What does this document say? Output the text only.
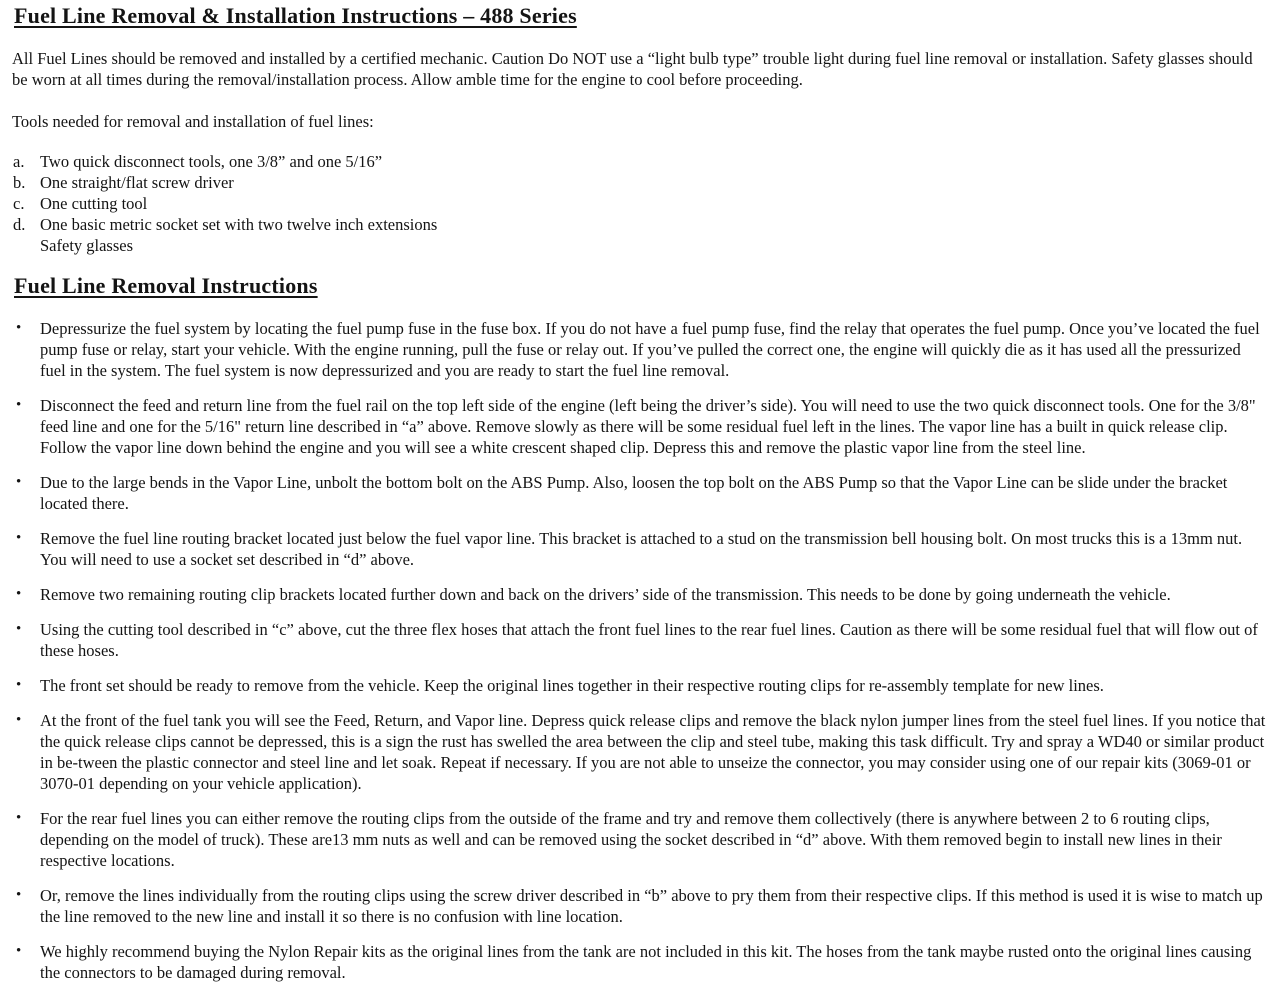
Fuel Line Removal & Installation Instructions – 488 Series

All Fuel Lines should be removed and installed by a certified mechanic. Caution Do NOT use a “light bulb type” trouble light during fuel line removal or installation. Safety glasses should be worn at all times during the removal/installation process. Allow amble time for the engine to cool before proceeding.

Tools needed for removal and installation of fuel lines:

a. Two quick disconnect tools, one 3/8” and one 5/16”
b. One straight/flat screw driver
c. One cutting tool
d. One basic metric socket set with two twelve inch extensions
Safety glasses
Fuel Line Removal Instructions
•	Depressurize the fuel system by locating the fuel pump fuse in the fuse box. If you do not have a fuel pump fuse, find the relay that operates the fuel pump. Once you’ve located the fuel pump fuse or relay, start your vehicle. With the engine running, pull the fuse or relay out. If you’ve pulled the correct one, the engine will quickly die as it has used all the pressurized fuel in the system. The fuel system is now depressurized and you are ready to start the fuel line removal.
•	Disconnect the feed and return line from the fuel rail on the top left side of the engine (left being the driver’s side). You will need to use the two quick disconnect tools. One for the 3/8" feed line and one for the 5/16" return line described in “a” above. Remove slowly as there will be some residual fuel left in the lines. The vapor line has a built in quick release clip. Follow the vapor line down behind the engine and you will see a white crescent shaped clip. Depress this and remove the plastic vapor line from the steel line.
•	Due to the large bends in the Vapor Line, unbolt the bottom bolt on the ABS Pump. Also, loosen the top bolt on the ABS Pump so that the Vapor Line can be slide under the bracket located there.
•	Remove the fuel line routing bracket located just below the fuel vapor line. This bracket is attached to a stud on the transmission bell housing bolt. On most trucks this is a 13mm nut. You will need to use a socket set described in “d” above.
•	Remove two remaining routing clip brackets located further down and back on the drivers’ side of the transmission. This needs to be done by going underneath the vehicle.
•	Using the cutting tool described in “c” above, cut the three flex hoses that attach the front fuel lines to the rear fuel lines. Caution as there will be some residual fuel that will flow out of these hoses.
•	The front set should be ready to remove from the vehicle. Keep the original lines together in their respective routing clips for re-assembly template for new lines.
•	At the front of the fuel tank you will see the Feed, Return, and Vapor line. Depress quick release clips and remove the black nylon jumper lines from the steel fuel lines. If you notice that the quick release clips cannot be depressed, this is a sign the rust has swelled the area between the clip and steel tube, making this task difficult. Try and spray a WD40 or similar product in be-tween the plastic connector and steel line and let soak. Repeat if necessary. If you are not able to unseize the connector, you may consider using one of our repair kits (3069-01 or 3070-01 depending on your vehicle application).
•	For the rear fuel lines you can either remove the routing clips from the outside of the frame and try and remove them collectively (there is anywhere between 2 to 6 routing clips, depending on the model of truck). These are13 mm nuts as well and can be removed using the socket described in “d” above. With them removed begin to install new lines in their respective locations.
•	Or, remove the lines individually from the routing clips using the screw driver described in “b” above to pry them from their respective clips. If this method is used it is wise to match up the line removed to the new line and install it so there is no confusion with line location.
•	We highly recommend buying the Nylon Repair kits as the original lines from the tank are not included in this kit. The hoses from the tank maybe rusted onto the original lines causing the connectors to be damaged during removal.
